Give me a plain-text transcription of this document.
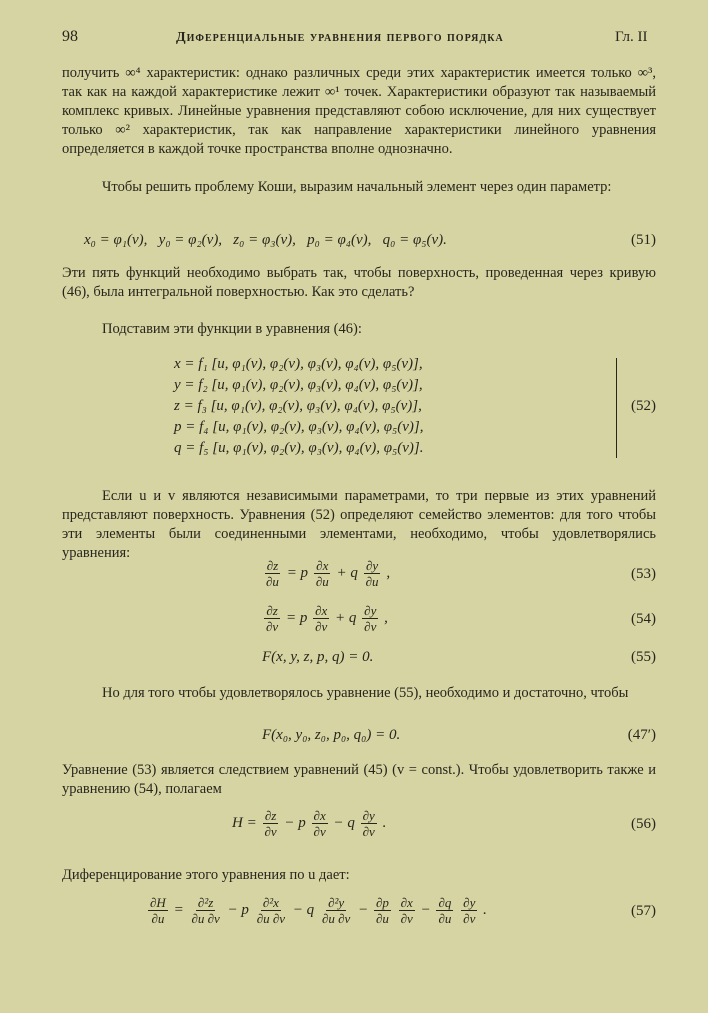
98	Диференциальные уравнения первого порядка	Гл. II

получить ∞⁴ характеристик: однако различных среди этих характеристик имеется только ∞³, так как на каждой характеристике лежит ∞¹ точек. Характеристики образуют так называемый комплекс кривых. Линейные уравнения представляют собою исключение, для них существует только ∞² характеристик, так как направление характеристики линейного уравнения определяется в каждой точке пространства вполне однозначно.

Чтобы решить проблему Коши, выразим начальный элемент через один параметр:

x₀ = φ₁(v),   y₀ = φ₂(v),   z₀ = φ₃(v),   p₀ = φ₄(v),   q₀ = φ₅(v).	(51)

Эти пять функций необходимо выбрать так, чтобы поверхность, проведенная через кривую (46), была интегральной поверхностью. Как это сделать?

Подставим эти функции в уравнения (46):

x = f₁ [u, φ₁(v), φ₂(v), φ₃(v), φ₄(v), φ₅(v)],
y = f₂ [u, φ₁(v), φ₂(v), φ₃(v), φ₄(v), φ₅(v)],
z = f₃ [u, φ₁(v), φ₂(v), φ₃(v), φ₄(v), φ₅(v)],
p = f₄ [u, φ₁(v), φ₂(v), φ₃(v), φ₄(v), φ₅(v)],
q = f₅ [u, φ₁(v), φ₂(v), φ₃(v), φ₄(v), φ₅(v)].
(52)

Если u и v являются независимыми параметрами, то три первые из этих уравнений представляют поверхность. Уравнения (52) определяют семейство элементов: для того чтобы эти элементы были соединенными элементами, необходимо, чтобы удовлетворялись уравнения:

$\frac{\partial z}{\partial u} = p \frac{\partial x}{\partial u} + q \frac{\partial y}{\partial u}$ ,	(53)
$\frac{\partial z}{\partial v} = p \frac{\partial x}{\partial v} + q \frac{\partial y}{\partial v}$ ,	(54)
F(x, y, z, p, q) = 0.	(55)

Но для того чтобы удовлетворялось уравнение (55), необходимо и достаточно, чтобы

F(x₀, y₀, z₀, p₀, q₀) = 0.	(47′)

Уравнение (53) является следствием уравнений (45) (v = const.). Чтобы удовлетворить также и уравнению (54), полагаем

$H = \frac{\partial z}{\partial v} - p \frac{\partial x}{\partial v} - q \frac{\partial y}{\partial v}$ .	(56)

Диференцирование этого уравнения по u дает:

$\frac{\partial H}{\partial u} = \frac{\text{∂²z}}{\partial u \partial v} - p \frac{\text{∂²x}}{\partial u \partial v} - q \frac{\text{∂²y}}{\partial u \partial v} - \frac{\partial p}{\partial u}$
$\frac{\partial x}{\partial v} - \frac{\partial q}{\partial u}$
$\frac{\partial y}{\partial v}$ .	(57)
